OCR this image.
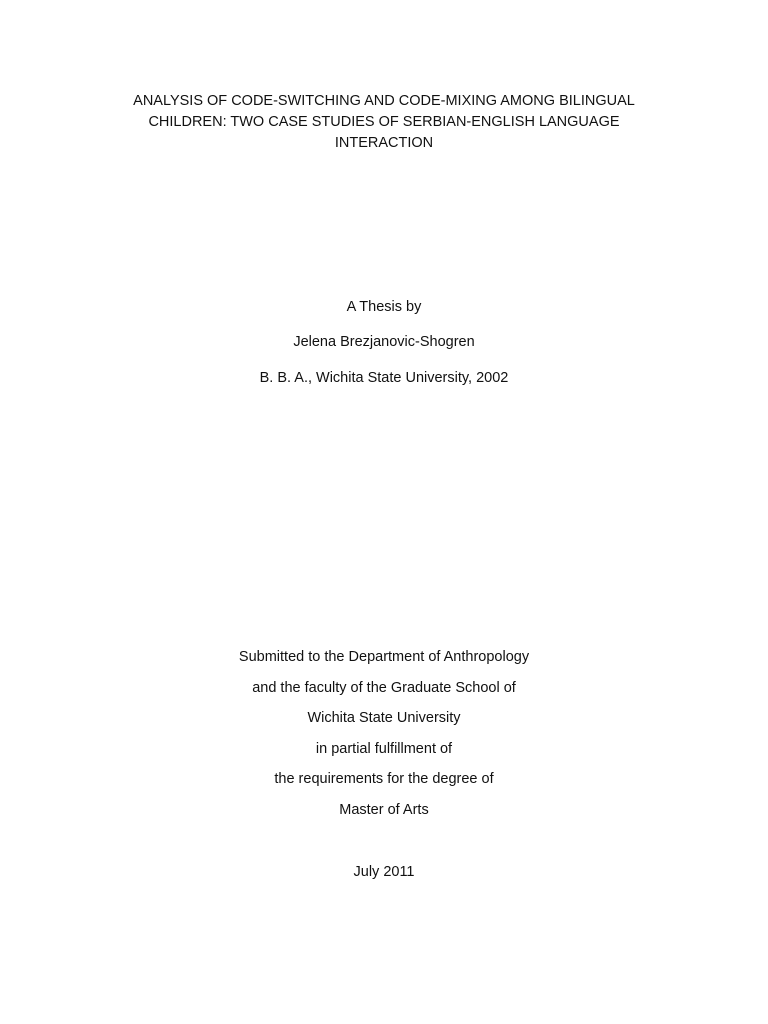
ANALYSIS OF CODE-SWITCHING AND CODE-MIXING AMONG BILINGUAL
CHILDREN: TWO CASE STUDIES OF SERBIAN-ENGLISH LANGUAGE
INTERACTION
A Thesis by
Jelena Brezjanovic-Shogren
B. B. A., Wichita State University, 2002
Submitted to the Department of Anthropology
and the faculty of the Graduate School of
Wichita State University
in partial fulfillment of
the requirements for the degree of
Master of Arts
July 2011
